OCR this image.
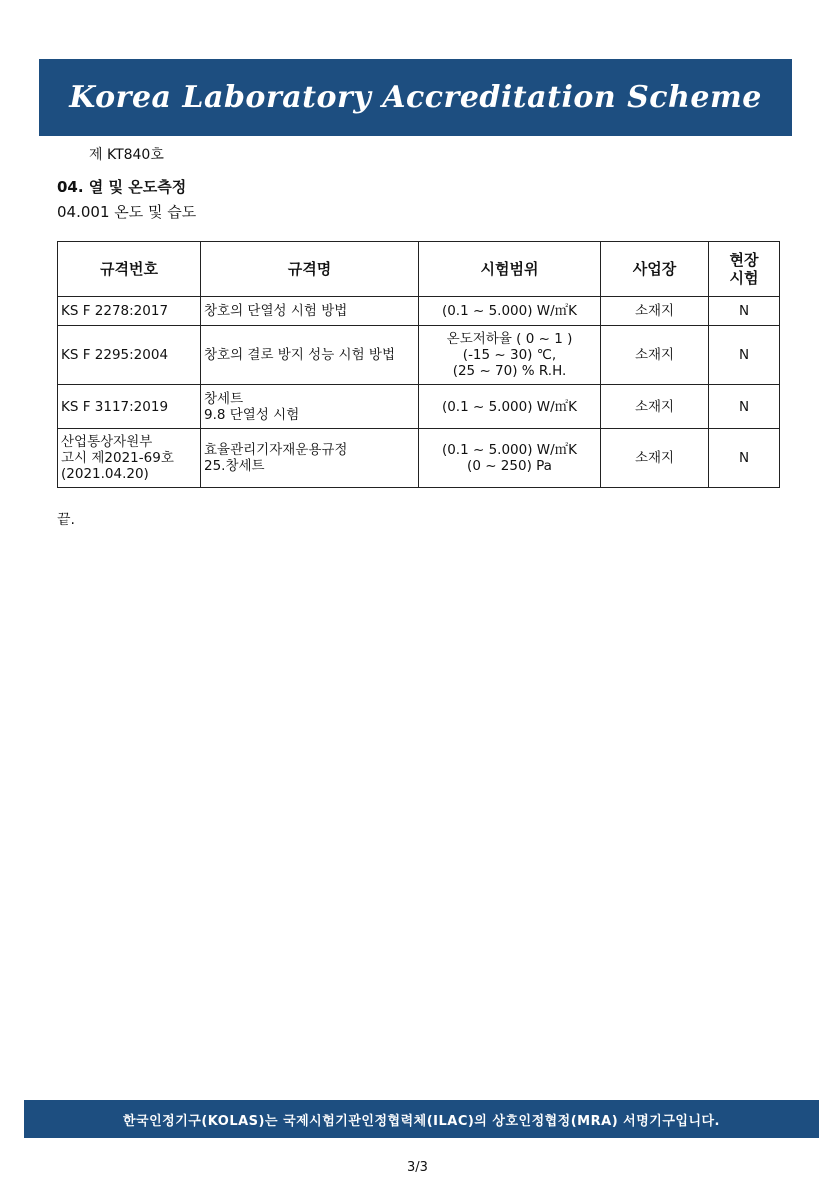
Korea Laboratory Accreditation Scheme
제 KT840호
04. 열 및 온도측정
04.001 온도 및 습도
규격번호	규격명	시험범위	사업장	현장
시험

KS F 2278:2017	창호의 단열성 시험 방법	(0.1 ~ 5.000) W/㎡K	소재지	N

KS F 2295:2004	창호의 결로 방지 성능 시험 방법	온도저하율 ( 0 ~ 1 )
(-15 ~ 30) ℃,
(25 ~ 70) % R.H.	소재지	N

KS F 3117:2019	창세트
9.8 단열성 시험	(0.1 ~ 5.000) W/㎡K	소재지	N

산업통상자원부
고시 제2021-69호
(2021.04.20)	효율관리기자재운용규정
25.창세트	(0.1 ~ 5.000) W/㎡K
(0 ~ 250) Pa	소재지	N
끝.
한국인정기구(KOLAS)는 국제시험기관인정협력체(ILAC)의 상호인정협정(MRA) 서명기구입니다.
3/3
